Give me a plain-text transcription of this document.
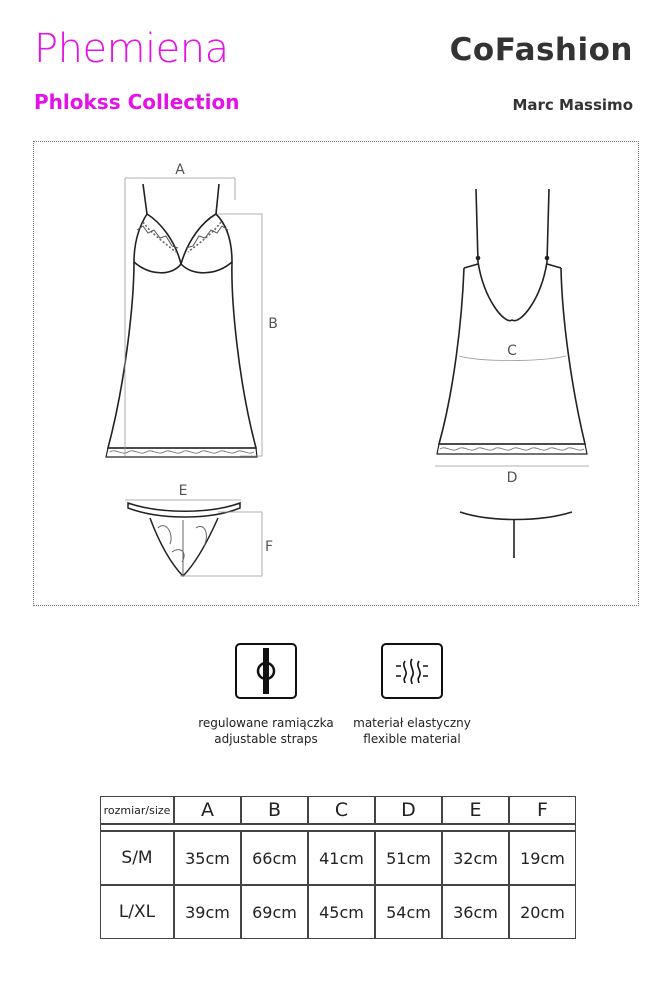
Phemiena
Phlokss Collection
CoFashion
Marc Massimo
A
B
E
F
C
D
regulowane ramiączka
adjustable straps
materiał elastyczny
flexible material
rozmiar/size	A	B	C	D	E	F

S/M	35cm	66cm	41cm	51cm	32cm	19cm
L/XL	39cm	69cm	45cm	54cm	36cm	20cm
